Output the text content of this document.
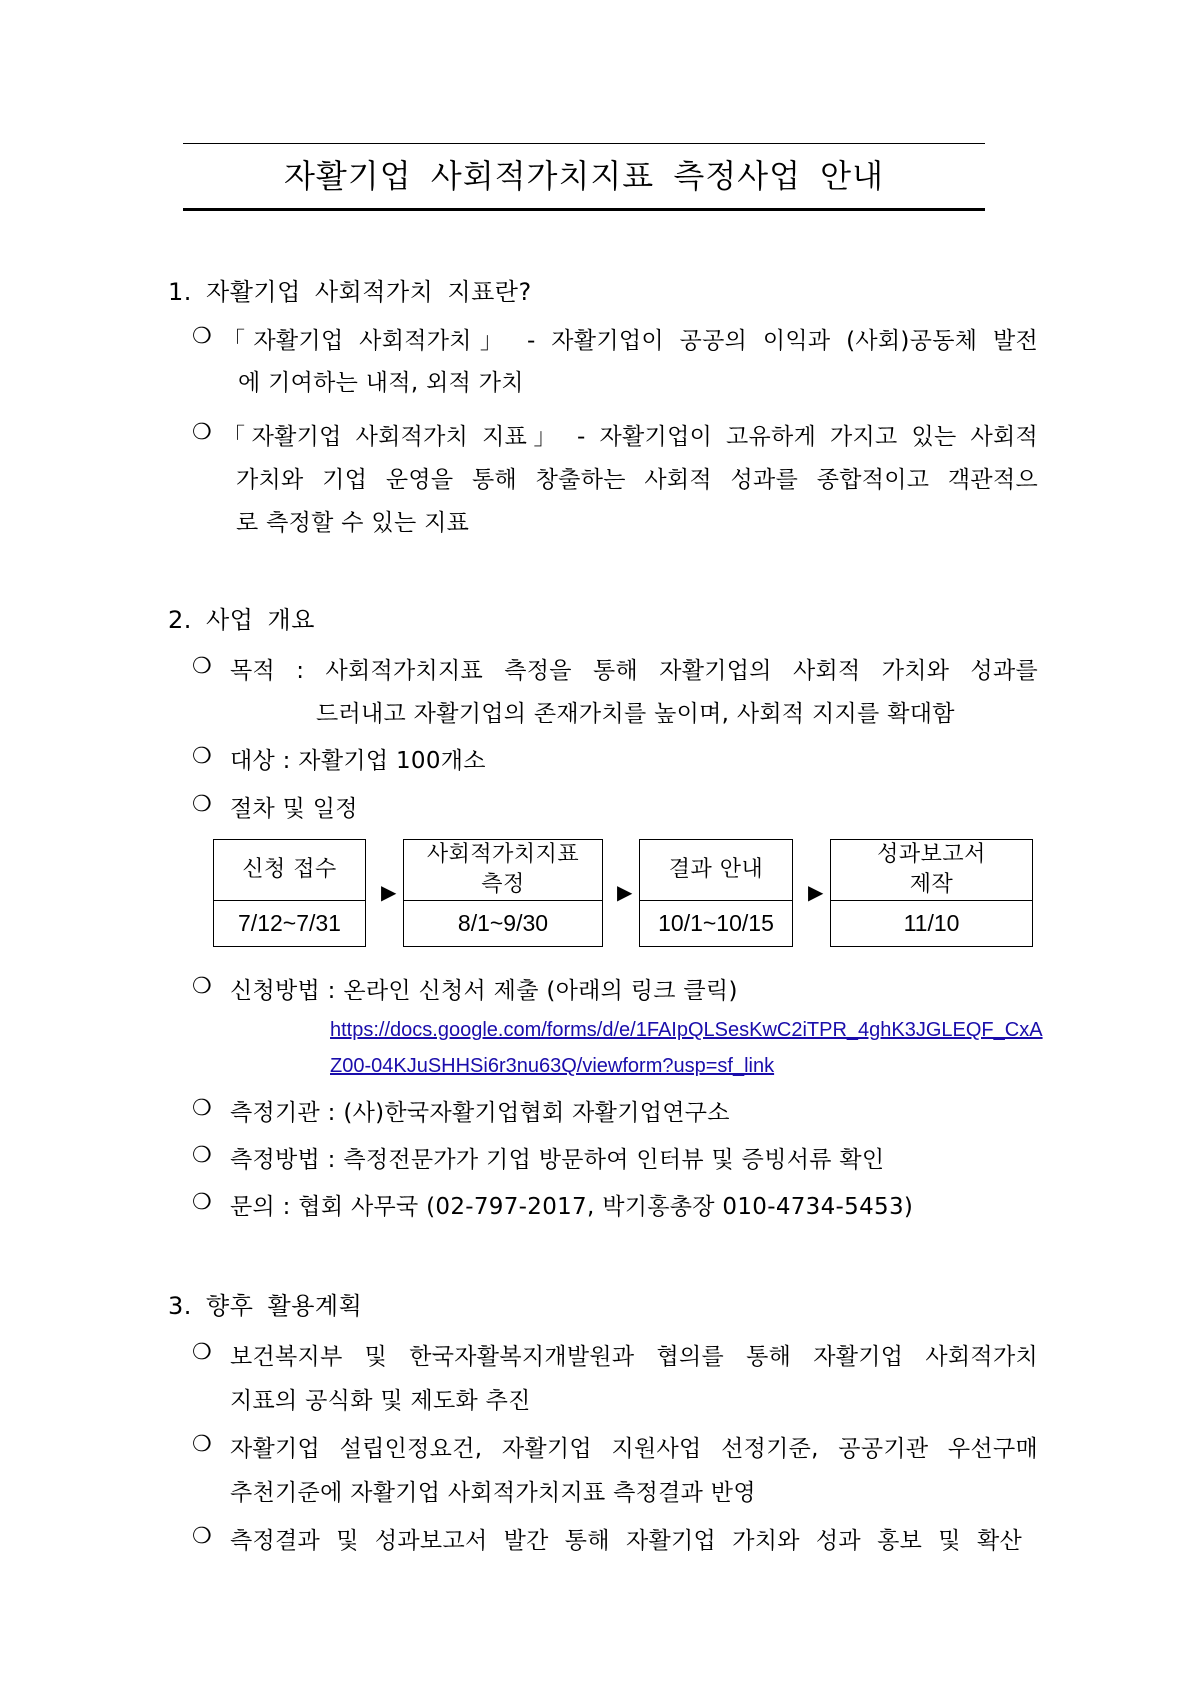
자활기업 사회적가치지표 측정사업 안내
1. 자활기업 사회적가치 지표란?
❍ 「자활기업 사회적가치」 - 자활기업이 공공의 이익과 (사회)공동체 발전
에 기여하는 내적, 외적 가치
❍ 「자활기업 사회적가치 지표」 - 자활기업이 고유하게 가지고 있는 사회적
가치와 기업 운영을 통해 창출하는 사회적 성과를 종합적이고 객관적으
로 측정할 수 있는 지표
2. 사업 개요
❍ 목적 : 사회적가치지표 측정을 통해 자활기업의 사회적 가치와 성과를
드러내고 자활기업의 존재가치를 높이며, 사회적 지지를 확대함
❍ 대상 : 자활기업 100개소
❍ 절차 및 일정
신청 접수
7/12~7/31
▶
사회적가치지표
측정
8/1~9/30
▶
결과 안내
10/1~10/15
▶
성과보고서
제작
11/10
❍ 신청방법 : 온라인 신청서 제출 (아래의 링크 클릭)
https://docs.google.com/forms/d/e/1FAIpQLSesKwC2iTPR_4ghK3JGLEQF_CxA
Z00-04KJuSHHSi6r3nu63Q/viewform?usp=sf_link
❍ 측정기관 : (사)한국자활기업협회 자활기업연구소
❍ 측정방법 : 측정전문가가 기업 방문하여 인터뷰 및 증빙서류 확인
❍ 문의 : 협회 사무국 (02-797-2017, 박기홍총장 010-4734-5453)
3. 향후 활용계획
❍ 보건복지부 및 한국자활복지개발원과 협의를 통해 자활기업 사회적가치
지표의 공식화 및 제도화 추진
❍ 자활기업 설립인정요건, 자활기업 지원사업 선정기준, 공공기관 우선구매
추천기준에 자활기업 사회적가치지표 측정결과 반영
❍ 측정결과 및 성과보고서 발간 통해 자활기업 가치와 성과 홍보 및 확산
